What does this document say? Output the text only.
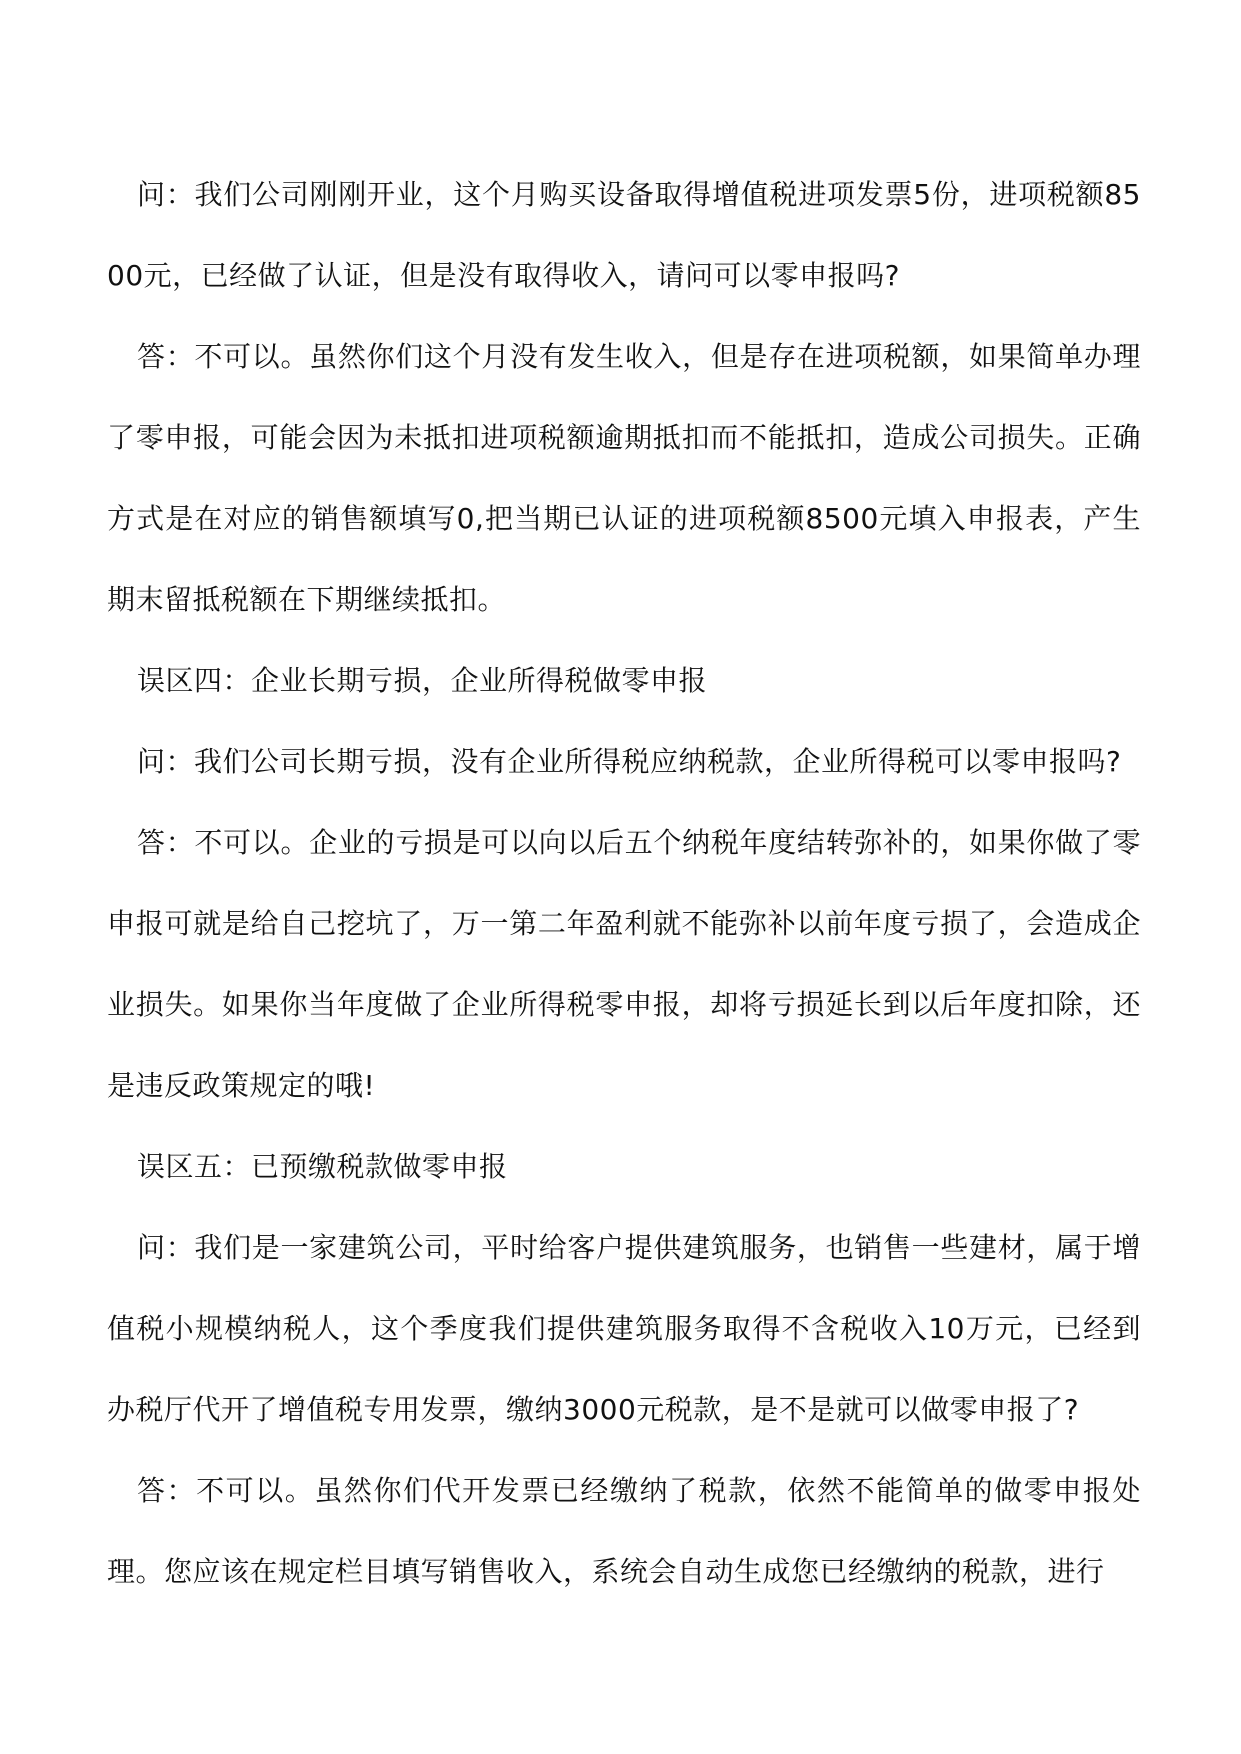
问：我们公司刚刚开业，这个月购买设备取得增值税进项发票5份，进项税额8500元，已经做了认证，但是没有取得收入，请问可以零申报吗?

答：不可以。虽然你们这个月没有发生收入，但是存在进项税额，如果简单办理了零申报，可能会因为未抵扣进项税额逾期抵扣而不能抵扣，造成公司损失。正确方式是在对应的销售额填写0,把当期已认证的进项税额8500元填入申报表，产生期末留抵税额在下期继续抵扣。

误区四：企业长期亏损，企业所得税做零申报

问：我们公司长期亏损，没有企业所得税应纳税款，企业所得税可以零申报吗?

答：不可以。企业的亏损是可以向以后五个纳税年度结转弥补的，如果你做了零申报可就是给自己挖坑了，万一第二年盈利就不能弥补以前年度亏损了，会造成企业损失。如果你当年度做了企业所得税零申报，却将亏损延长到以后年度扣除，还是违反政策规定的哦!

误区五：已预缴税款做零申报

问：我们是一家建筑公司，平时给客户提供建筑服务，也销售一些建材，属于增值税小规模纳税人，这个季度我们提供建筑服务取得不含税收入10万元，已经到办税厅代开了增值税专用发票，缴纳3000元税款，是不是就可以做零申报了?

答：不可以。虽然你们代开发票已经缴纳了税款，依然不能简单的做零申报处理。您应该在规定栏目填写销售收入，系统会自动生成您已经缴纳的税款，进行
